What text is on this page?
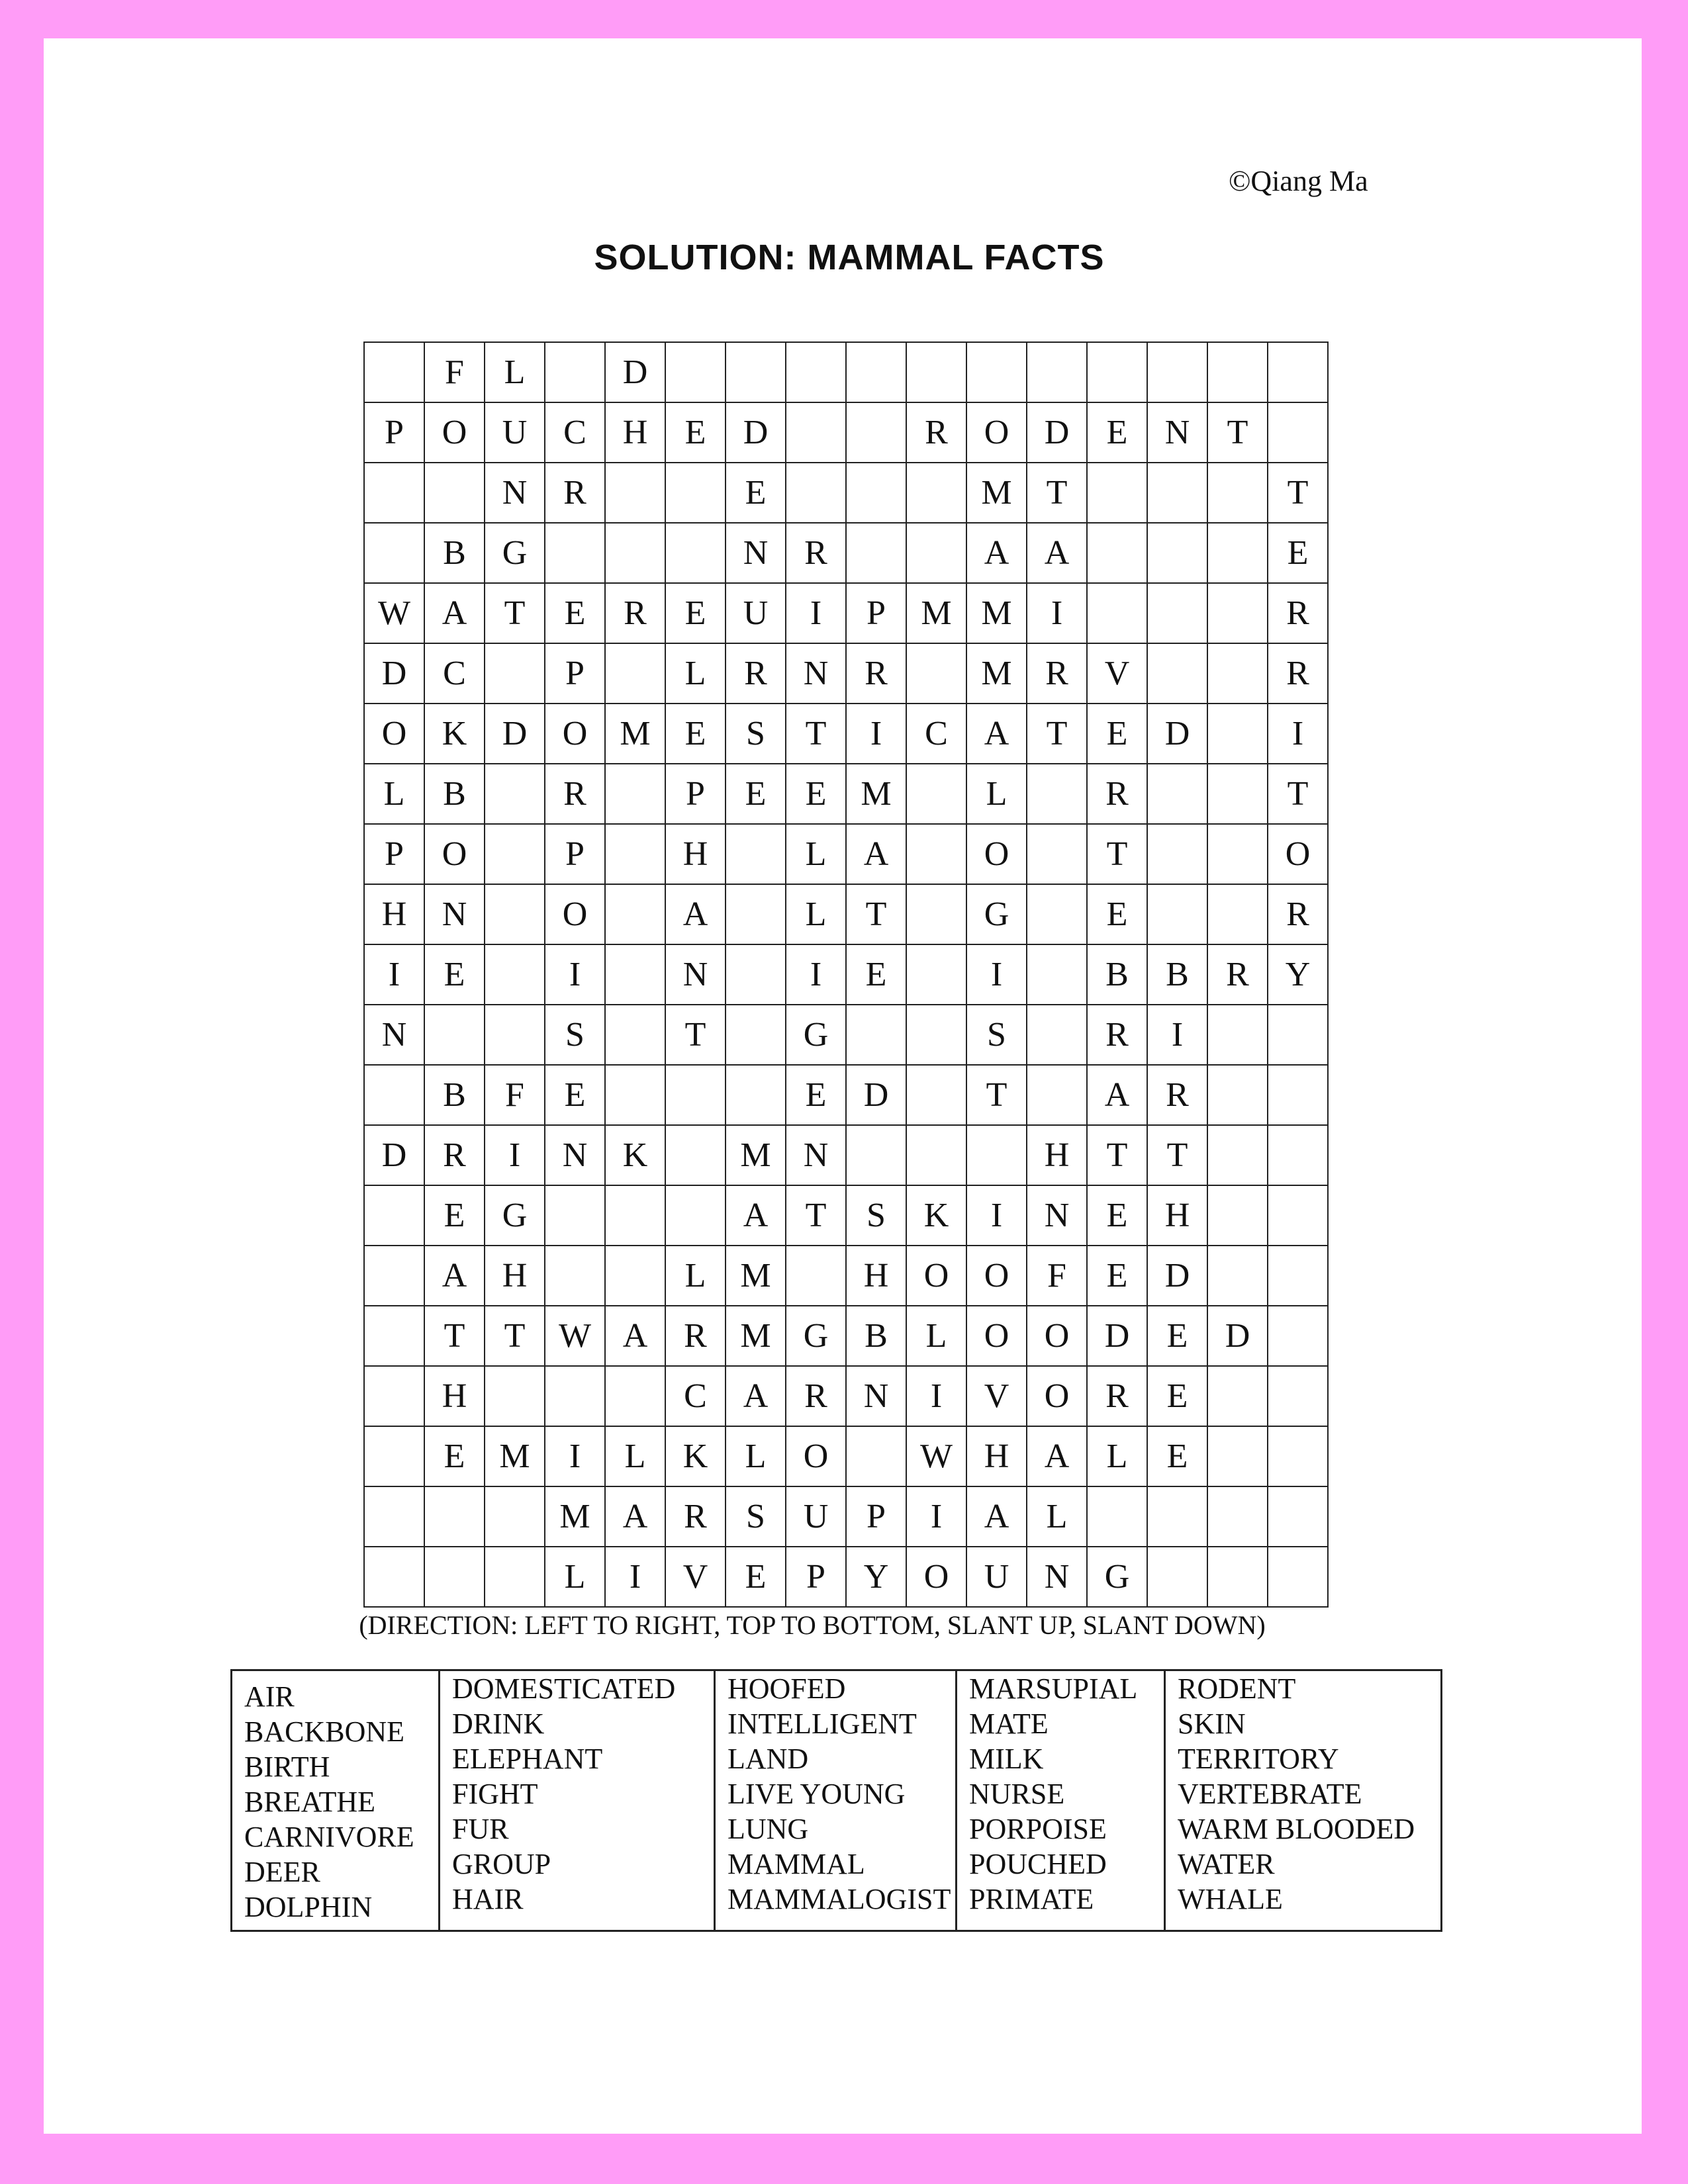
©Qiang Ma
SOLUTION: MAMMAL FACTS
	F	L		D											
P	O	U	C	H	E	D			R	O	D	E	N	T	
		N	R			E				M	T				T
	B	G				N	R			A	A				E
W	A	T	E	R	E	U	I	P	M	M	I				R
D	C		P		L	R	N	R		M	R	V			R
O	K	D	O	M	E	S	T	I	C	A	T	E	D		I
L	B		R		P	E	E	M		L		R			T
P	O		P		H		L	A		O		T			O
H	N		O		A		L	T		G		E			R
I	E		I		N		I	E		I		B	B	R	Y
N			S		T		G			S		R	I		
	B	F	E				E	D		T		A	R		
D	R	I	N	K		M	N				H	T	T		
	E	G				A	T	S	K	I	N	E	H		
	A	H			L	M		H	O	O	F	E	D		
	T	T	W	A	R	M	G	B	L	O	O	D	E	D	
	H				C	A	R	N	I	V	O	R	E		
	E	M	I	L	K	L	O		W	H	A	L	E		
			M	A	R	S	U	P	I	A	L				
			L	I	V	E	P	Y	O	U	N	G			
(DIRECTION: LEFT TO RIGHT, TOP TO BOTTOM, SLANT UP, SLANT DOWN)
AIR
BACKBONE
BIRTH
BREATHE
CARNIVORE
DEER
DOLPHIN

DOMESTICATED
DRINK
ELEPHANT
FIGHT
FUR
GROUP
HAIR

HOOFED
INTELLIGENT
LAND
LIVE YOUNG
LUNG
MAMMAL
MAMMALOGIST

MARSUPIAL
MATE
MILK
NURSE
PORPOISE
POUCHED
PRIMATE

RODENT
SKIN
TERRITORY
VERTEBRATE
WARM BLOODED
WATER
WHALE
